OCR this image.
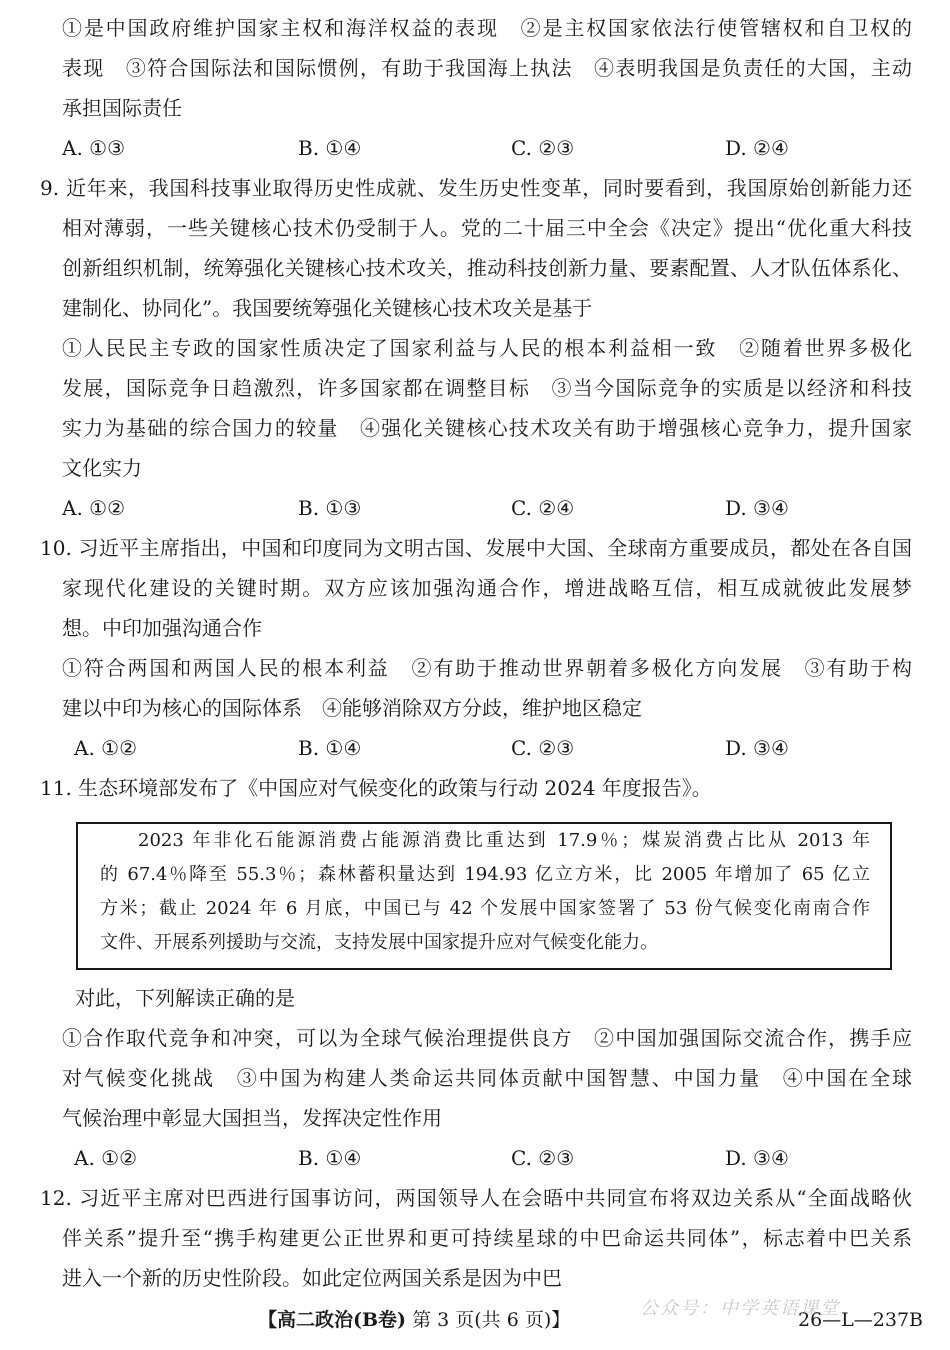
①是中国政府维护国家主权和海洋权益的表现　②是主权国家依法行使管辖权和自卫权的
表现　③符合国际法和国际惯例，有助于我国海上执法　④表明我国是负责任的大国，主动
承担国际责任
A. ①③	B. ①④	C. ②③	D. ②④
9. 近年来，我国科技事业取得历史性成就、发生历史性变革，同时要看到，我国原始创新能力还
相对薄弱，一些关键核心技术仍受制于人。党的二十届三中全会《决定》提出“优化重大科技
创新组织机制，统筹强化关键核心技术攻关，推动科技创新力量、要素配置、人才队伍体系化、
建制化、协同化”。我国要统筹强化关键核心技术攻关是基于
①人民民主专政的国家性质决定了国家利益与人民的根本利益相一致　②随着世界多极化
发展，国际竞争日趋激烈，许多国家都在调整目标　③当今国际竞争的实质是以经济和科技
实力为基础的综合国力的较量　④强化关键核心技术攻关有助于增强核心竞争力，提升国家
文化实力
A. ①②	B. ①③	C. ②④	D. ③④
10. 习近平主席指出，中国和印度同为文明古国、发展中大国、全球南方重要成员，都处在各自国
家现代化建设的关键时期。双方应该加强沟通合作，增进战略互信，相互成就彼此发展梦
想。中印加强沟通合作
①符合两国和两国人民的根本利益　②有助于推动世界朝着多极化方向发展　③有助于构
建以中印为核心的国际体系　④能够消除双方分歧，维护地区稳定
A. ①②	B. ①④	C. ②③	D. ③④
11. 生态环境部发布了《中国应对气候变化的政策与行动 2024 年度报告》。
2023 年非化石能源消费占能源消费比重达到 17.9％；煤炭消费占比从 2013 年
的 67.4％降至 55.3％；森林蓄积量达到 194.93 亿立方米，比 2005 年增加了 65 亿立
方米；截止 2024 年 6 月底，中国已与 42 个发展中国家签署了 53 份气候变化南南合作
文件、开展系列援助与交流，支持发展中国家提升应对气候变化能力。
对此，下列解读正确的是
①合作取代竞争和冲突，可以为全球气候治理提供良方　②中国加强国际交流合作，携手应
对气候变化挑战　③中国为构建人类命运共同体贡献中国智慧、中国力量　④中国在全球
气候治理中彰显大国担当，发挥决定性作用
A. ①②	B. ①④	C. ②③	D. ③④
12. 习近平主席对巴西进行国事访问，两国领导人在会晤中共同宣布将双边关系从“全面战略伙
伴关系”提升至“携手构建更公正世界和更可持续星球的中巴命运共同体”，标志着中巴关系
进入一个新的历史性阶段。如此定位两国关系是因为中巴
公众号：中学英语课堂
【高二政治(B卷) 第 3 页(共 6 页)】	26—L—237B
